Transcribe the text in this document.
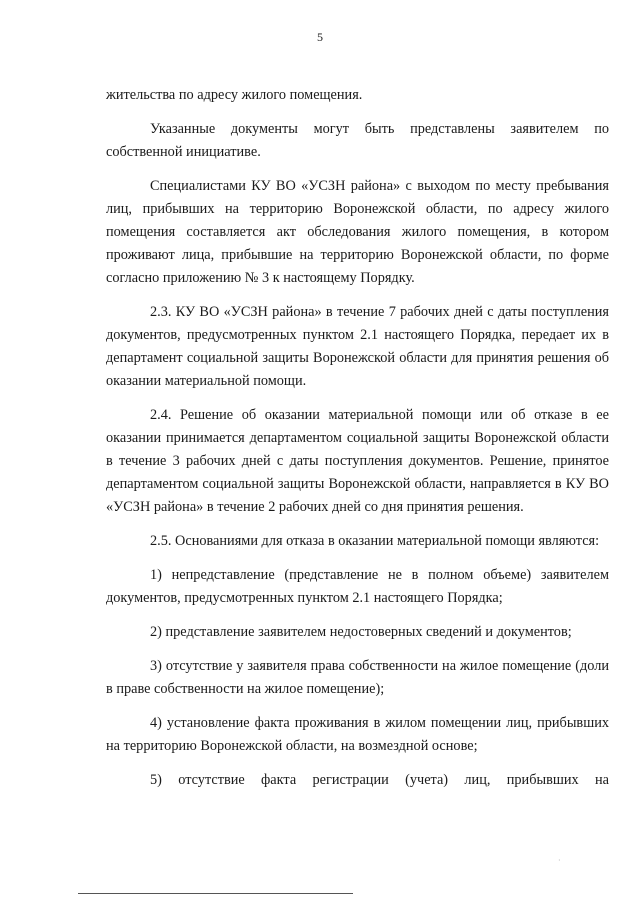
5

жительства по адресу жилого помещения.

Указанные документы могут быть представлены заявителем по собственной инициативе.

Специалистами КУ ВО «УСЗН района» с выходом по месту пребывания лиц, прибывших на территорию Воронежской области, по адресу жилого помещения составляется акт обследования жилого помещения, в котором проживают лица, прибывшие на территорию Воронежской области, по форме согласно приложению № 3 к настоящему Порядку.

2.3. КУ ВО «УСЗН района» в течение 7 рабочих дней с даты поступления документов, предусмотренных пунктом 2.1 настоящего Порядка, передает их в департамент социальной защиты Воронежской области для принятия решения об оказании материальной помощи.

2.4. Решение об оказании материальной помощи или об отказе в ее оказании принимается департаментом социальной защиты Воронежской области в течение 3 рабочих дней с даты поступления документов. Решение, принятое департаментом социальной защиты Воронежской области, направляется в КУ ВО «УСЗН района» в течение 2 рабочих дней со дня принятия решения.

2.5. Основаниями для отказа в оказании материальной помощи являются:

1) непредставление (представление не в полном объеме) заявителем документов, предусмотренных пунктом 2.1 настоящего Порядка;

2) представление заявителем недостоверных сведений и документов;

3) отсутствие у заявителя права собственности на жилое помещение (доли в праве собственности на жилое помещение);

4) установление факта проживания в жилом помещении лиц, прибывших на территорию Воронежской области, на возмездной основе;

5) отсутствие факта регистрации (учета) лиц, прибывших на

·
